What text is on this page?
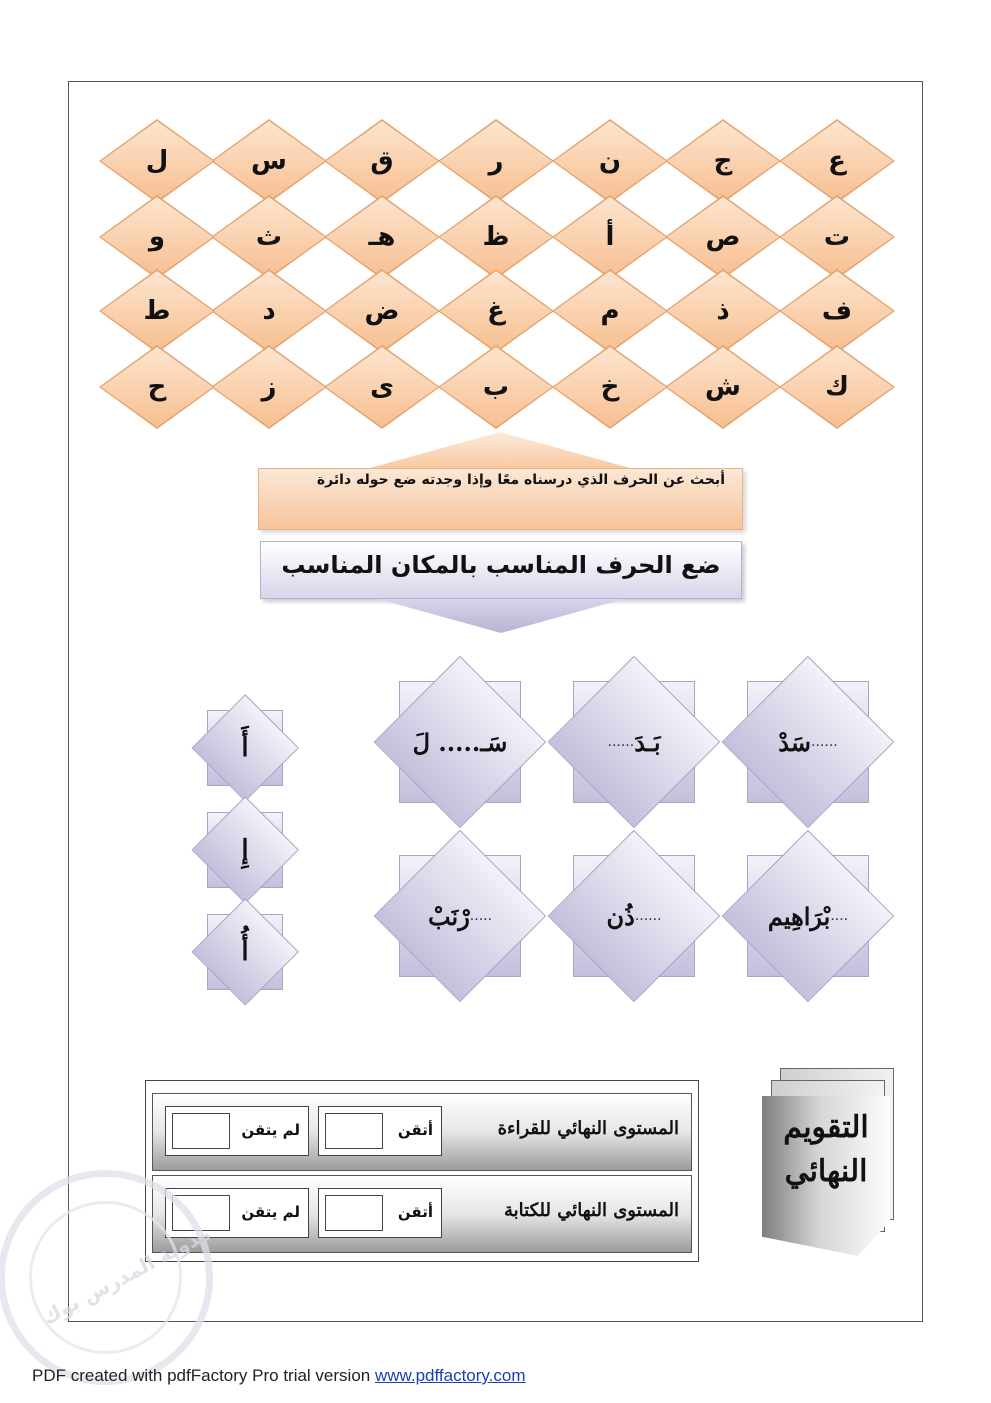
ع
ج
ن
ر
ق
س
ل
ت
ص
أ
ظ
هـ
ث
و
ف
ذ
م
غ
ض
د
ط
ك
ش
خ
ب
ى
ز
ح
أبحث عن الحرف الذي درسناه معًا وإذا وجدته ضع حوله دائرة
ضع الحرف المناسب بالمكان المناسب
......
سَدْ
بَـدَ
......
سَـ..... لَ
....
بْرَاهِيم
......
ذُن
.....
رْنَبْ
أَ
إِ
أُ
المستوى النهائي للقراءة
أتقن
لم يتقن
المستوى النهائي للكتابة
أتقن
لم يتقن
التقويم
النهائي
مدونة المدرس بوك
PDF created with pdfFactory Pro trial version www.pdffactory.com
